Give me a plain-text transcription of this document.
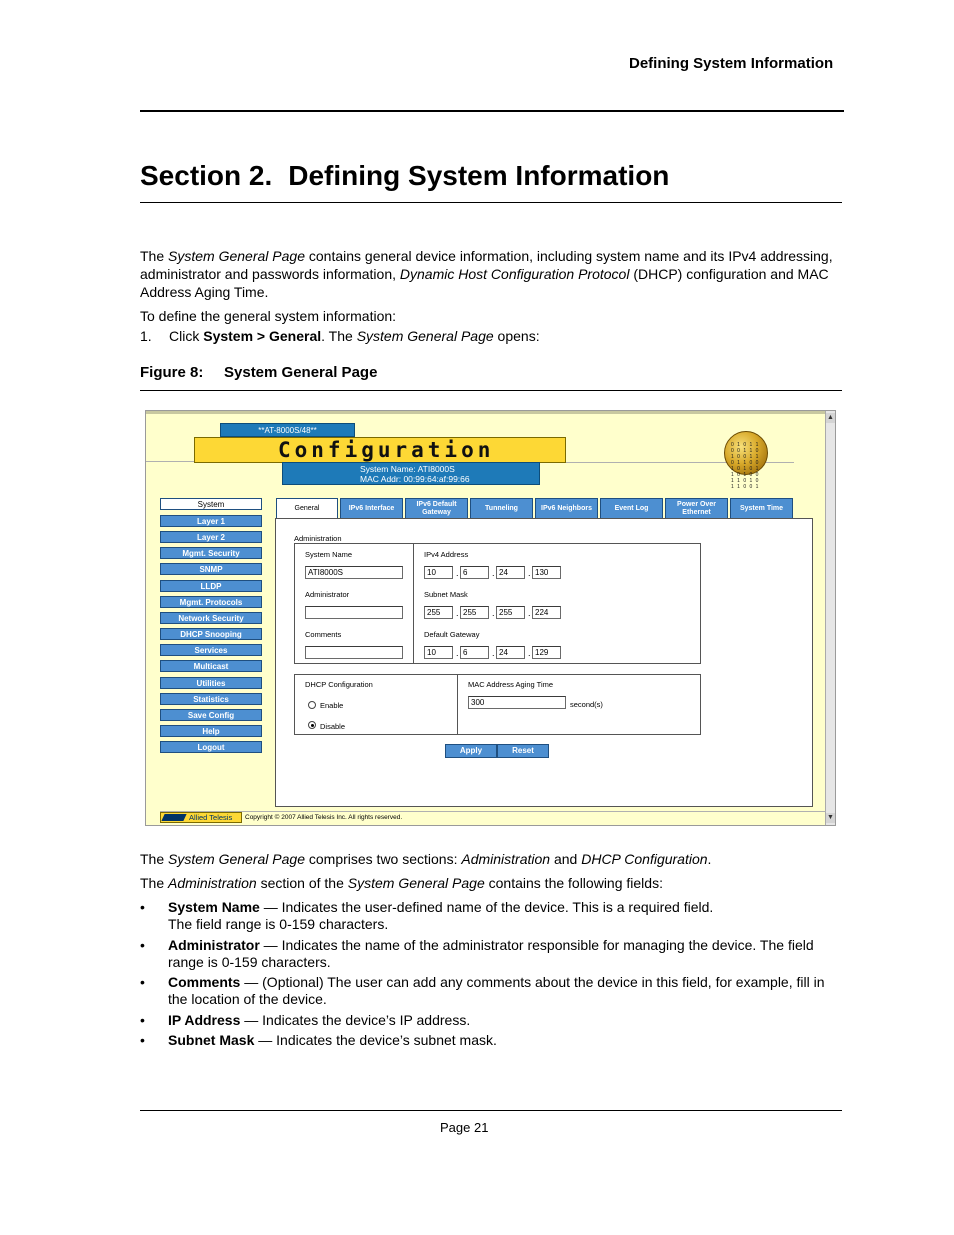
Defining System Information
Section 2. Defining System Information
The System General Page contains general device information, including system name and its IPv4 addressing, administrator and passwords information, Dynamic Host Configuration Protocol (DHCP) configuration and MAC Address Aging Time.
To define the general system information:
1. Click System > General. The System General Page opens:
Figure 8: System General Page
▲
▼
**AT-8000S/48**
Configuration
System Name: ATI8000S
MAC Addr: 00:99:64:af:99:66
0 1 0 1 1 0 0 1 1 0 1 0 0 1 1 0 1 1 0 0 1 0 1 0 1 1 0 1 0 0 1 1 0 1 0 1 1 0 0 1
System
Layer 1
Layer 2
Mgmt. Security
SNMP
LLDP
Mgmt. Protocols
Network Security
DHCP Snooping
Services
Multicast
Utilities
Statistics
Save Config
Help
Logout
General	IPv6 Interface
IPv6 Default Gateway
Tunneling	IPv6 Neighbors	Event Log
Power Over Ethernet
System Time
Administration
System Name
ATI8000S
Administrator
Comments
IPv4 Address
10	. 6	. 24	. 130
Subnet Mask
255	. 255	. 255	. 224
Default Gateway
10	. 6	. 24	. 129
DHCP Configuration
Enable
Disable
MAC Address Aging Time
300	second(s)
Apply	Reset
Allied Telesis	Copyright © 2007 Allied Telesis Inc. All rights reserved.
The System General Page comprises two sections: Administration and DHCP Configuration.
The Administration section of the System General Page contains the following fields:
• System Name — Indicates the user-defined name of the device. This is a required field.
The field range is 0-159 characters.
• Administrator — Indicates the name of the administrator responsible for managing the device. The field range is 0-159 characters.
• Comments — (Optional) The user can add any comments about the device in this field, for example, fill in the location of the device.
• IP Address — Indicates the device’s IP address.
• Subnet Mask — Indicates the device’s subnet mask.
Page 21
